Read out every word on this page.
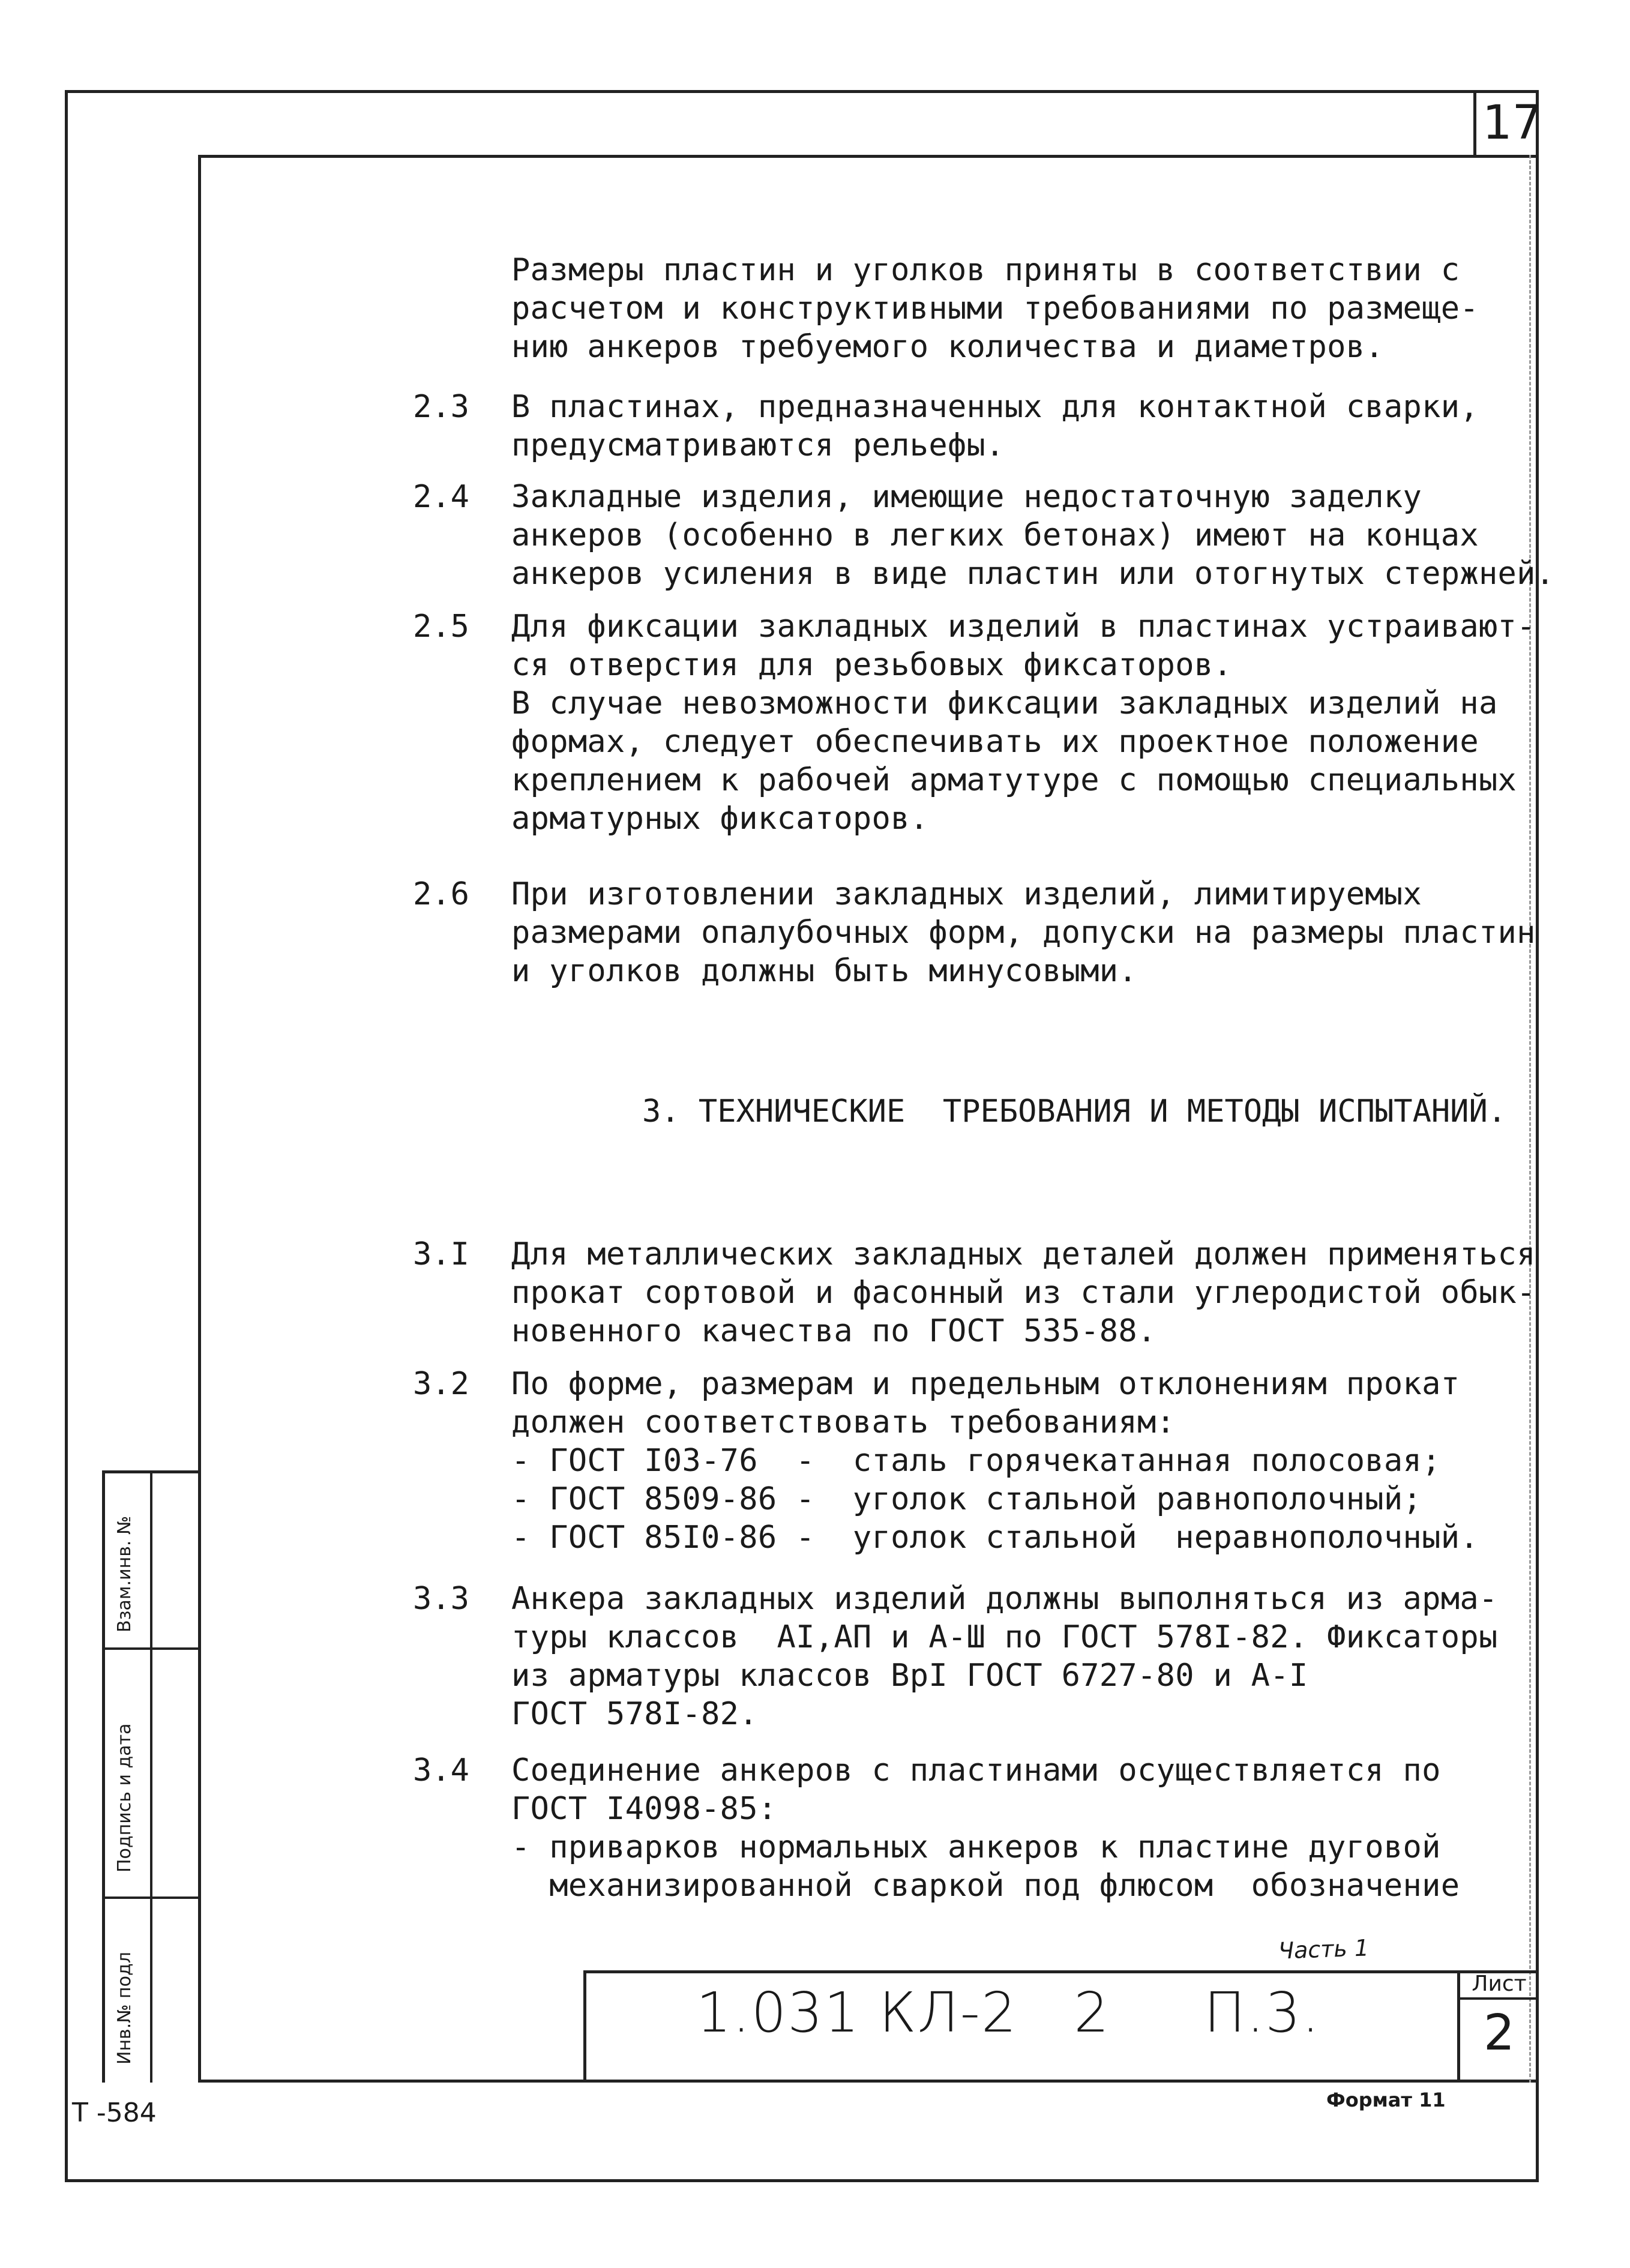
17
Размеры пластин и уголков приняты в соответствии с
расчетом и конструктивными требованиями по размеще-
нию анкеров требуемого количества и диаметров.
2.3 В пластинах, предназначенных для контактной сварки,
предусматриваются рельефы.
2.4 Закладные изделия, имеющие недостаточную заделку
анкеров (особенно в легких бетонах) имеют на концах
анкеров усиления в виде пластин или отогнутых стержней.
2.5 Для фиксации закладных изделий в пластинах устраивают-
ся отверстия для резьбовых фиксаторов.
В случае невозможности фиксации закладных изделий на
формах, следует обеспечивать их проектное положение
креплением к рабочей арматутуре с помощью специальных
арматурных фиксаторов.
2.6 При изготовлении закладных изделий, лимитируемых
размерами опалубочных форм, допуски на размеры пластин
и уголков должны быть минусовыми.
3. ТЕХНИЧЕСКИЕ  ТРЕБОВАНИЯ И МЕТОДЫ ИСПЫТАНИЙ.
3.I Для металлических закладных деталей должен применяться
прокат сортовой и фасонный из стали углеродистой обык-
новенного качества по ГОСТ 535-88.
3.2 По форме, размерам и предельным отклонениям прокат
должен соответствовать требованиям:
- ГОСТ I03-76  -  сталь горячекатанная полосовая;
- ГОСТ 8509-86 -  уголок стальной равнополочный;
- ГОСТ 85I0-86 -  уголок стальной  неравнополочный.
3.3 Анкера закладных изделий должны выполняться из арма-
туры классов  АI,АП и А-Ш по ГОСТ 578I-82. Фиксаторы
из арматуры классов ВрI ГОСТ 6727-80 и А-I
ГОСТ 578I-82.
3.4 Соединение анкеров с пластинами осуществляется по
ГОСТ I4098-85:
- приварков нормальных анкеров к пластине дуговой
механизированной сваркой под флюсом  обозначение
Часть 1
1.031 КЛ-2   2     П.3.	Лист
2
Взам.инв. №
Подпись и дата
Инв.№ подл
Формат 11
Т -584
